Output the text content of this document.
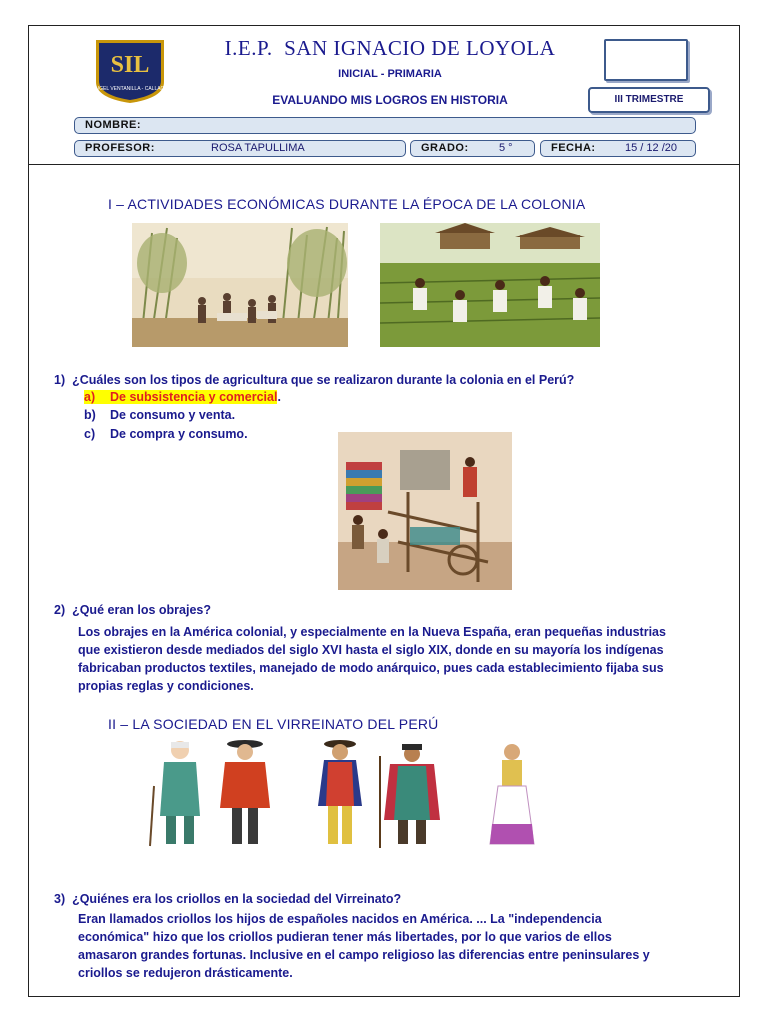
SIL
UGEL VENTANILLA - CALLAO
I.E.P. SAN IGNACIO DE LOYOLA
INICIAL - PRIMARIA
EVALUANDO MIS LOGROS EN HISTORIA	III TRIMESTRE
NOMBRE:
PROFESOR:	ROSA TAPULLIMA	GRADO:	5 °	FECHA:	15 / 12 /20
I – ACTIVIDADES ECONÓMICAS DURANTE LA ÉPOCA DE LA COLONIA
1) ¿Cuáles son los tipos de agricultura que se realizaron durante la colonia en el Perú?
a) De subsistencia y comercial.
b) De consumo y venta.
c) De compra y consumo.
2) ¿Qué eran los obrajes?
Los obrajes en la América colonial, y especialmente en la Nueva España, eran pequeñas industrias
que existieron desde mediados del siglo XVI hasta el siglo XIX, donde en su mayoría los indígenas
fabricaban productos textiles, manejado de modo anárquico, pues cada establecimiento fijaba sus
propias reglas y condiciones.
II – LA SOCIEDAD EN EL VIRREINATO DEL PERÚ
3) ¿Quiénes era los criollos en la sociedad del Virreinato?
Eran llamados criollos los hijos de españoles nacidos en América. ... La "independencia
económica" hizo que los criollos pudieran tener más libertades, por lo que varios de ellos
amasaron grandes fortunas. Inclusive en el campo religioso las diferencias entre peninsulares y
criollos se redujeron drásticamente.
